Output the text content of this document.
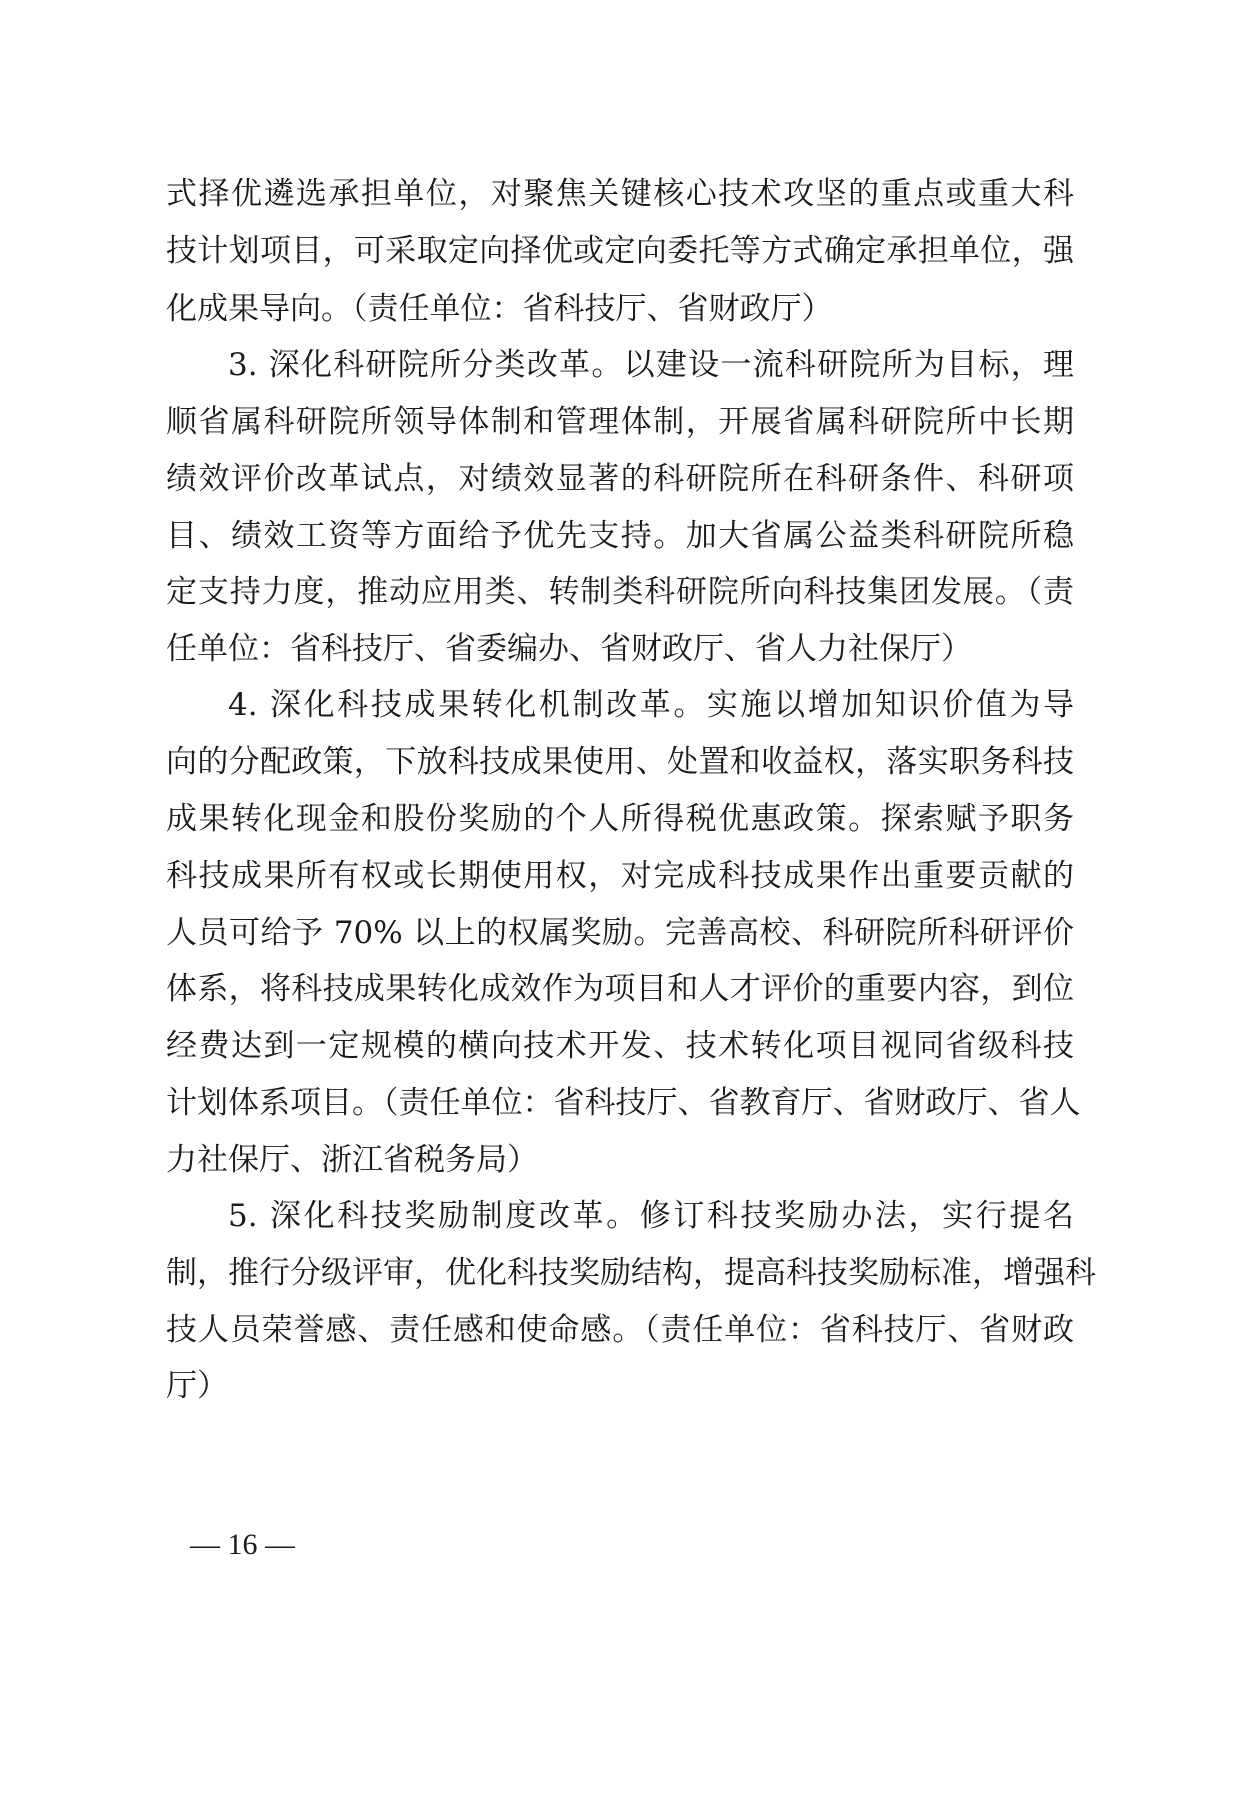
式择优遴选承担单位，对聚焦关键核心技术攻坚的重点或重大科
技计划项目，可采取定向择优或定向委托等方式确定承担单位，强
化成果导向。（责任单位：省科技厅、省财政厅）
3. 深化科研院所分类改革。以建设一流科研院所为目标，理
顺省属科研院所领导体制和管理体制，开展省属科研院所中长期
绩效评价改革试点，对绩效显著的科研院所在科研条件、科研项
目、绩效工资等方面给予优先支持。加大省属公益类科研院所稳
定支持力度，推动应用类、转制类科研院所向科技集团发展。（责
任单位：省科技厅、省委编办、省财政厅、省人力社保厅）
4. 深化科技成果转化机制改革。实施以增加知识价值为导
向的分配政策，下放科技成果使用、处置和收益权，落实职务科技
成果转化现金和股份奖励的个人所得税优惠政策。探索赋予职务
科技成果所有权或长期使用权，对完成科技成果作出重要贡献的
人员可给予 70% 以上的权属奖励。完善高校、科研院所科研评价
体系，将科技成果转化成效作为项目和人才评价的重要内容，到位
经费达到一定规模的横向技术开发、技术转化项目视同省级科技
计划体系项目。（责任单位：省科技厅、省教育厅、省财政厅、省人
力社保厅、浙江省税务局）
5. 深化科技奖励制度改革。修订科技奖励办法，实行提名
制，推行分级评审，优化科技奖励结构，提高科技奖励标准，增强科
技人员荣誉感、责任感和使命感。（责任单位：省科技厅、省财政
厅）
— 16 —
